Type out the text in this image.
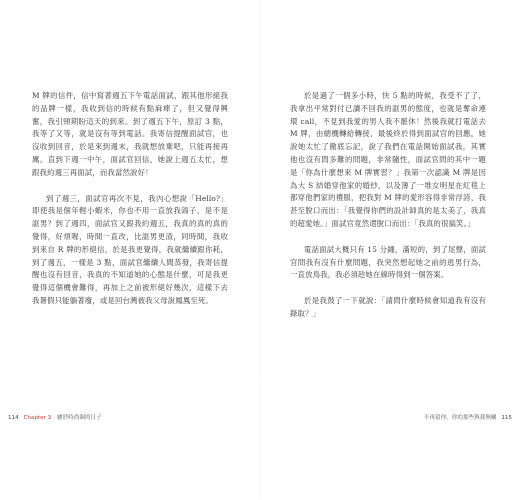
M 牌的信件，信中寫著週五下午電話面試，跟其他形絕我的品牌一樣，我收到信的時候有點麻痺了，但又覺得興奮，我引頸期盼這天的到來。到了週五下午，原訂 3 點，我等了又等，就是沒有等到電話。我寄信提醒面試官，也沒收到回音，於是來到週末，我就想放棄吧，只能再接再厲。直到下週一中午，面試官回信，她說上週五太忙，想跟我約週三再面試，而我當然說好！

到了週三，面試官再次不見，我內心想說「Hello?」即使我是個年輕小蝦米，你也不用一直放我鴿子，是不是誆男？到了週四，面試官又跟我約週五，我真的真的真的覺得，好煩喔，時間一直改，比誆男更渣，同時間，我收到來自 R 牌的形絕信，於是我更覺得，我就繼續跟你耗，到了週五，一樣是 3 點，面試官繼續人間蒸發，我寄信提醒也沒有回音，我真的不知道她的心態是什麼，可是我更覺得這個機會難得，再加上之前被形絕好幾次，這樣下去我暑假只能躺著廢，或是回台灣被我父母說鳳鳳至死。

114 Chapter 3 屬於時尚圈的日子

於是過了一個多小時，快 5 點的時候，我受不了了，我拿出平常對付已讀不回我的誆男的態度，也就是奪命連環 call，不見到我愛的男人我不罷休！然後我就打電話去 M 牌，由總機轉給轉接，最後終於得到面試官的回應，她說她太忙了徹底忘記，說了我們在電話開始面試我，其實他也沒有問多難的問題，非常隨性，面試官問的其中一題是「你為什麼想來 M 牌實習？」我第一次認識 M 牌是因為大 S 結婚穿他家的婚紗，以及薄了一堆女明星在紅毯上都穿他們家的禮服，把我對 M 牌的愛形容得非常浮誇，我甚至脫口而出：「我覺得你們的設計師真的是太美了，我真的超愛她。」面試官竟然還脫口而出：「我真的很搞笑。」

電話面試大概只有 15 分鐘，滿短的，到了尾聲，面試官問我有沒有什麼問題，我突然想起她之前的逃男行為，一直放鳥我，我必須趁她在線時得到一個答案。

於是我鼓了一下就說：「請問什麼時候會知道我有沒有錄取？」

不再留你，你的那些與我無關 115
